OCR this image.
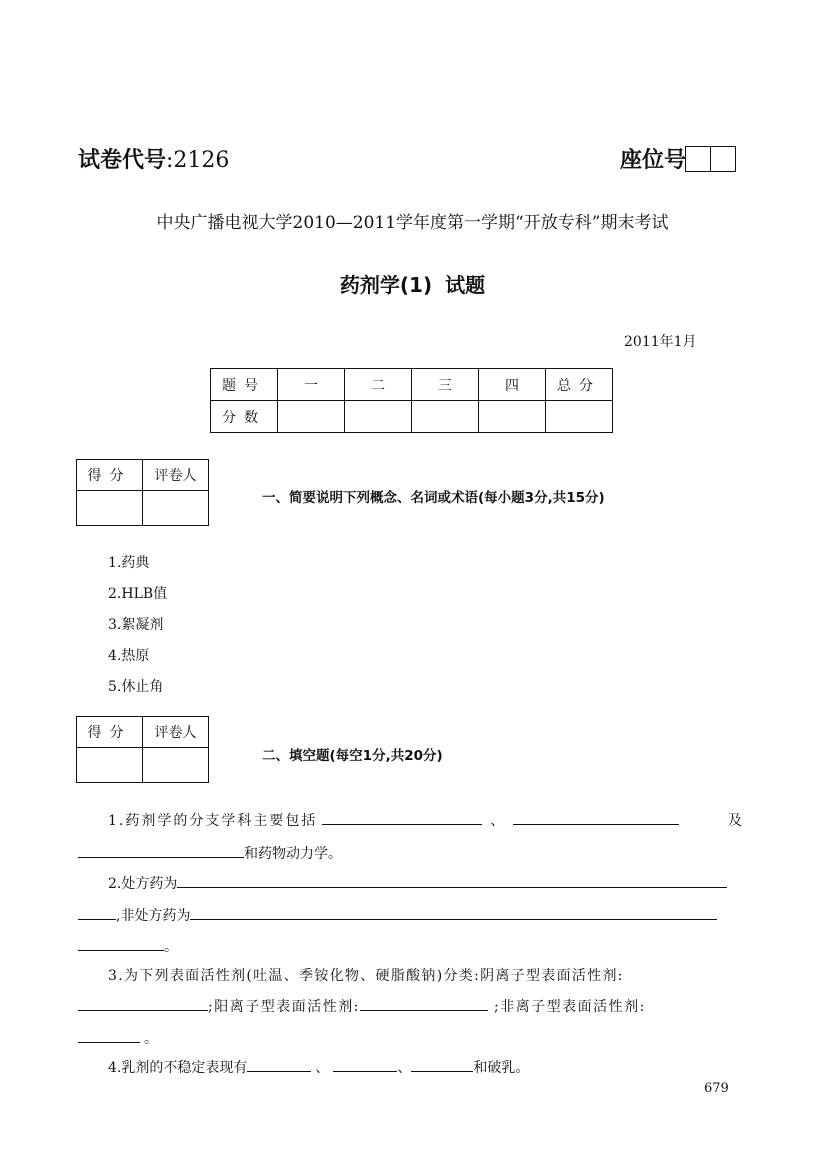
试卷代号:2126	座位号
中央广播电视大学2010—2011学年度第一学期“开放专科”期末考试
药剂学(1) 试题
2011年1月
题号	一	二	三	四	总分
分数					
得分	评卷人

一、简要说明下列概念、名词或术语(每小题3分,共15分)
1.药典
2.HLB值
3.絮凝剂
4.热原
5.休止角
得分	评卷人

二、填空题(每空1分,共20分)
1.药剂学的分支学科主要包括	、	及
和药物动力学。
2.处方药为
,非处方药为
。
3.为下列表面活性剂(吐温、季铵化物、硬脂酸钠)分类:阴离子型表面活性剂:
;阳离子型表面活性剂:	;非离子型表面活性剂:
。
4.乳剂的不稳定表现有	、	、	和破乳。
679
